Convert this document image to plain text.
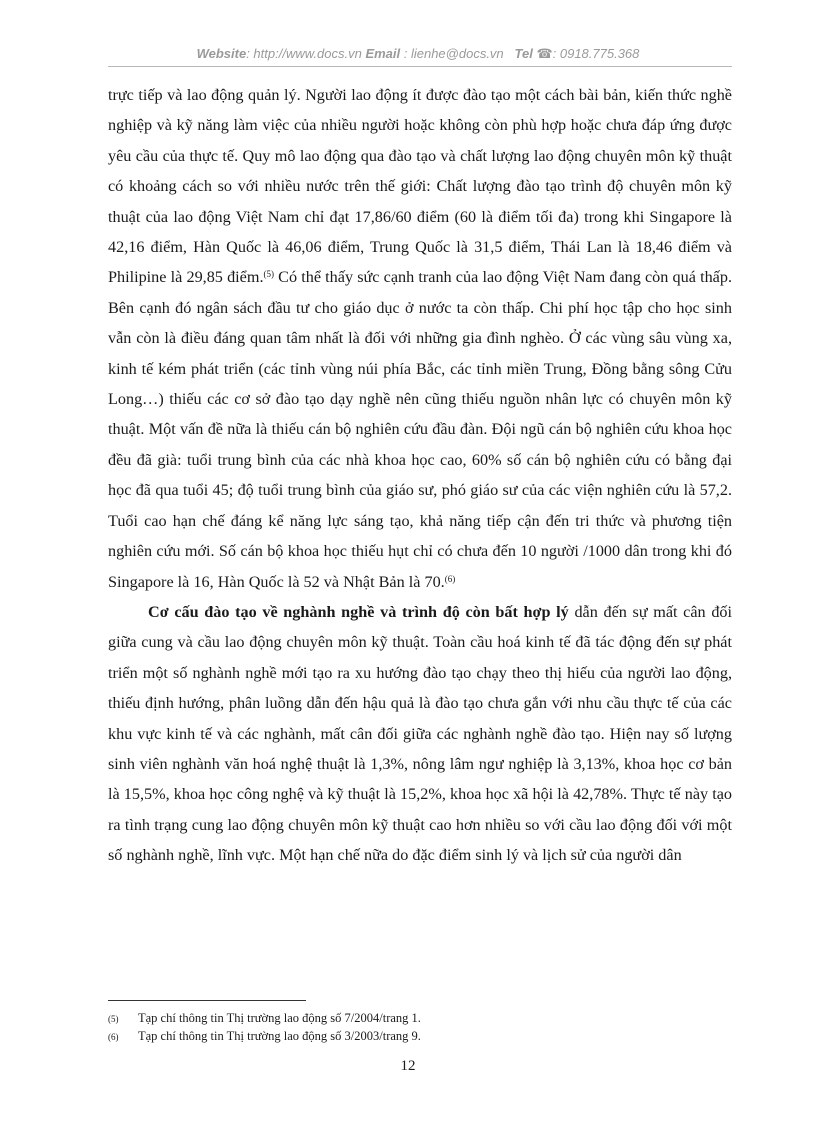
Website: http://www.docs.vn Email : lienhe@docs.vn Tel ☎: 0918.775.368

trực tiếp và lao động quản lý. Người lao động ít được đào tạo một cách bài bản, kiến thức nghề nghiệp và kỹ năng làm việc của nhiều người hoặc không còn phù hợp hoặc chưa đáp ứng được yêu cầu của thực tế. Quy mô lao động qua đào tạo và chất lượng lao động chuyên môn kỹ thuật có khoảng cách so với nhiều nước trên thế giới: Chất lượng đào tạo trình độ chuyên môn kỹ thuật của lao động Việt Nam chỉ đạt 17,86/60 điểm (60 là điểm tối đa) trong khi Singapore là 42,16 điểm, Hàn Quốc là 46,06 điểm, Trung Quốc là 31,5 điểm, Thái Lan là 18,46 điểm và Philipine là 29,85 điểm.$^{(5)}$ Có thể thấy sức cạnh tranh của lao động Việt Nam đang còn quá thấp. Bên cạnh đó ngân sách đầu tư cho giáo dục ở nước ta còn thấp. Chi phí học tập cho học sinh vẫn còn là điều đáng quan tâm nhất là đối với những gia đình nghèo. Ở các vùng sâu vùng xa, kinh tế kém phát triển (các tỉnh vùng núi phía Bắc, các tỉnh miền Trung, Đồng bằng sông Cửu Long…) thiếu các cơ sở đào tạo dạy nghề nên cũng thiếu nguồn nhân lực có chuyên môn kỹ thuật. Một vấn đề nữa là thiếu cán bộ nghiên cứu đầu đàn. Đội ngũ cán bộ nghiên cứu khoa học đều đã già: tuổi trung bình của các nhà khoa học cao, 60% số cán bộ nghiên cứu có bằng đại học đã qua tuổi 45; độ tuổi trung bình của giáo sư, phó giáo sư của các viện nghiên cứu là 57,2. Tuổi cao hạn chế đáng kể năng lực sáng tạo, khả năng tiếp cận đến tri thức và phương tiện nghiên cứu mới. Số cán bộ khoa học thiếu hụt chỉ có chưa đến 10 người /1000 dân trong khi đó Singapore là 16, Hàn Quốc là 52 và Nhật Bản là 70.$^{(6)}$

Cơ cấu đào tạo về nghành nghề và trình độ còn bất hợp lý dẫn đến sự mất cân đối giữa cung và cầu lao động chuyên môn kỹ thuật. Toàn cầu hoá kinh tế đã tác động đến sự phát triển một số nghành nghề mới tạo ra xu hướng đào tạo chạy theo thị hiếu của người lao động, thiếu định hướng, phân luồng dẫn đến hậu quả là đào tạo chưa gắn với nhu cầu thực tế của các khu vực kinh tế và các nghành, mất cân đối giữa các nghành nghề đào tạo. Hiện nay số lượng sinh viên nghành văn hoá nghệ thuật là 1,3%, nông lâm ngư nghiệp là 3,13%, khoa học cơ bản là 15,5%, khoa học công nghệ và kỹ thuật là 15,2%, khoa học xã hội là 42,78%. Thực tế này tạo ra tình trạng cung lao động chuyên môn kỹ thuật cao hơn nhiều so với cầu lao động đối với một số nghành nghề, lĩnh vực. Một hạn chế nữa do đặc điểm sinh lý và lịch sử của người dân

(5)	Tạp chí thông tin Thị trường lao động số 7/2004/trang 1.
(6)	Tạp chí thông tin Thị trường lao động số 3/2003/trang 9.
12
